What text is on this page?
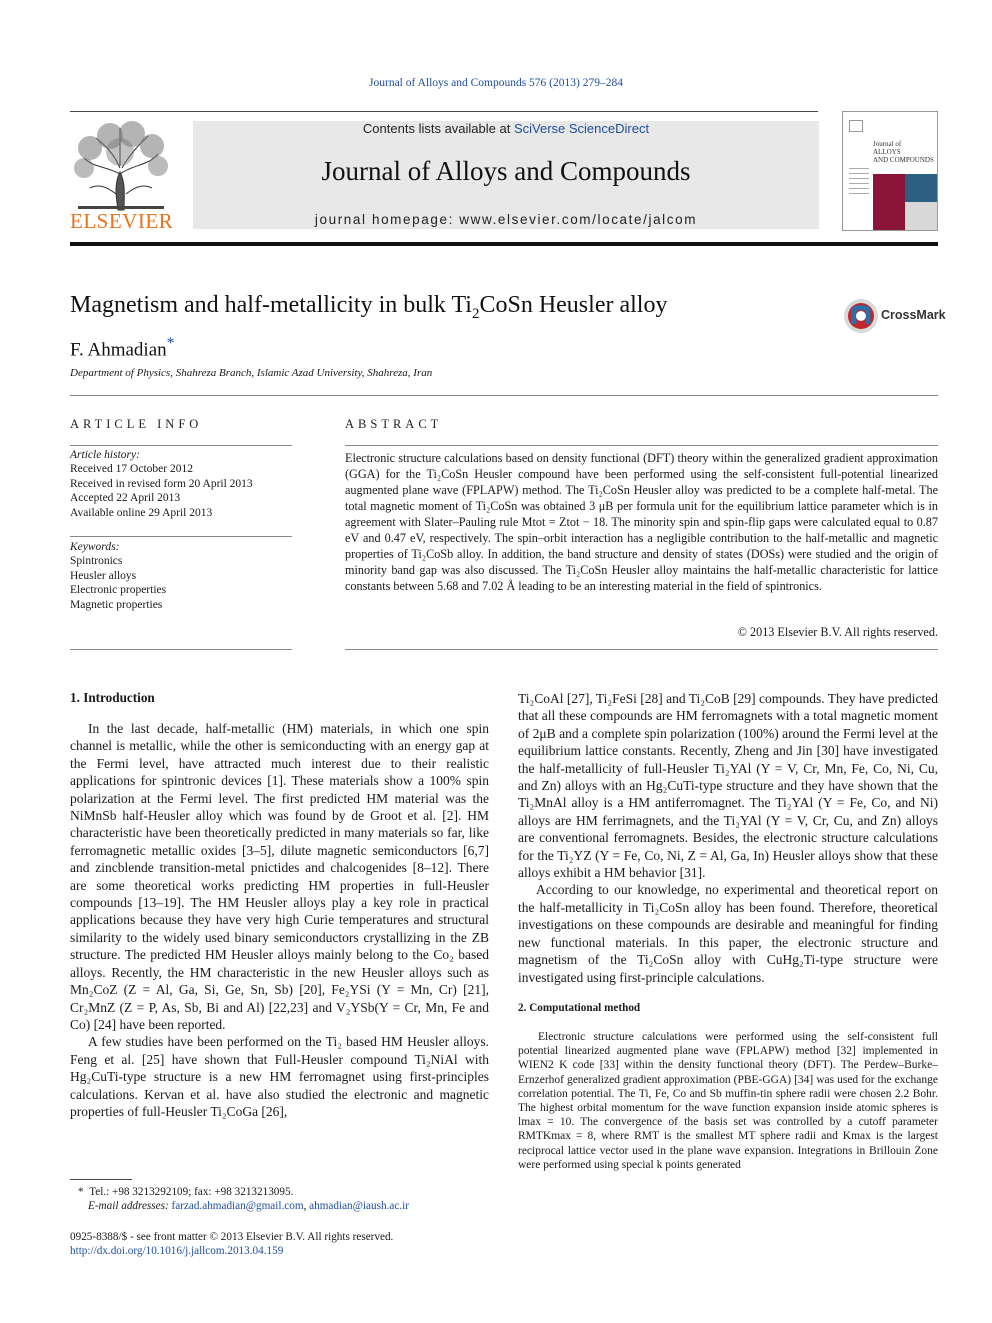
Journal of Alloys and Compounds 576 (2013) 279–284
ELSEVIER
Contents lists available at SciVerse ScienceDirect
Journal of Alloys and Compounds
journal homepage: www.elsevier.com/locate/jalcom
Journal of
ALLOYS
AND COMPOUNDS
Magnetism and half-metallicity in bulk $Ti_2CoSn$ Heusler alloy	CrossMark
F. Ahmadian*
Department of Physics, Shahreza Branch, Islamic Azad University, Shahreza, Iran
ARTICLE INFO
Article history:
Received 17 October 2012
Received in revised form 20 April 2013
Accepted 22 April 2013
Available online 29 April 2013
Keywords:
Spintronics
Heusler alloys
Electronic properties
Magnetic properties
ABSTRACT
Electronic structure calculations based on density functional (DFT) theory within the generalized gradient approximation (GGA) for the Ti₂CoSn Heusler compound have been performed using the self-consistent full-potential linearized augmented plane wave (FPLAPW) method. The Ti₂CoSn Heusler alloy was predicted to be a complete half-metal. The total magnetic moment of Ti₂CoSn was obtained 3 μB per formula unit for the equilibrium lattice parameter which is in agreement with Slater–Pauling rule Mtot = Ztot − 18. The minority spin and spin-flip gaps were calculated equal to 0.87 eV and 0.47 eV, respectively. The spin–orbit interaction has a negligible contribution to the half-metallic and magnetic properties of Ti₂CoSb alloy. In addition, the band structure and density of states (DOSs) were studied and the origin of minority band gap was also discussed. The Ti₂CoSn Heusler alloy maintains the half-metallic characteristic for lattice constants between 5.68 and 7.02 Å leading to be an interesting material in the field of spintronics.
© 2013 Elsevier B.V. All rights reserved.
1. Introduction

In the last decade, half-metallic (HM) materials, in which one spin channel is metallic, while the other is semiconducting with an energy gap at the Fermi level, have attracted much interest due to their realistic applications for spintronic devices [1]. These materials show a 100% spin polarization at the Fermi level. The first predicted HM material was the NiMnSb half-Heusler alloy which was found by de Groot et al. [2]. HM characteristic have been theoretically predicted in many materials so far, like ferromagnetic metallic oxides [3–5], dilute magnetic semiconductors [6,7] and zincblende transition-metal pnictides and chalcogenides [8–12]. There are some theoretical works predicting HM properties in full-Heusler compounds [13–19]. The HM Heusler alloys play a key role in practical applications because they have very high Curie temperatures and structural similarity to the widely used binary semiconductors crystallizing in the ZB structure. The predicted HM Heusler alloys mainly belong to the Co₂ based alloys. Recently, the HM characteristic in the new Heusler alloys such as Mn₂CoZ (Z = Al, Ga, Si, Ge, Sn, Sb) [20], Fe₂YSi (Y = Mn, Cr) [21], Cr₂MnZ (Z = P, As, Sb, Bi and Al) [22,23] and V₂YSb(Y = Cr, Mn, Fe and Co) [24] have been reported.

A few studies have been performed on the Ti₂ based HM Heusler alloys. Feng et al. [25] have shown that Full-Heusler compound Ti₂NiAl with Hg₂CuTi-type structure is a new HM ferromagnet using first-principles calculations. Kervan et al. have also studied the electronic and magnetic properties of full-Heusler Ti₂CoGa [26],

Ti₂CoAl [27], Ti₂FeSi [28] and Ti₂CoB [29] compounds. They have predicted that all these compounds are HM ferromagnets with a total magnetic moment of 2μB and a complete spin polarization (100%) around the Fermi level at the equilibrium lattice constants. Recently, Zheng and Jin [30] have investigated the half-metallicity of full-Heusler Ti₂YAl (Y = V, Cr, Mn, Fe, Co, Ni, Cu, and Zn) alloys with an Hg₂CuTi-type structure and they have shown that the Ti₂MnAl alloy is a HM antiferromagnet. The Ti₂YAl (Y = Fe, Co, and Ni) alloys are HM ferrimagnets, and the Ti₂YAl (Y = V, Cr, Cu, and Zn) alloys are conventional ferromagnets. Besides, the electronic structure calculations for the Ti₂YZ (Y = Fe, Co, Ni, Z = Al, Ga, In) Heusler alloys show that these alloys exhibit a HM behavior [31].

According to our knowledge, no experimental and theoretical report on the half-metallicity in Ti₂CoSn alloy has been found. Therefore, theoretical investigations on these compounds are desirable and meaningful for finding new functional materials. In this paper, the electronic structure and magnetism of the Ti₂CoSn alloy with CuHg₂Ti-type structure were investigated using first-principle calculations.

2. Computational method

Electronic structure calculations were performed using the self-consistent full potential linearized augmented plane wave (FPLAPW) method [32] implemented in WIEN2 K code [33] within the density functional theory (DFT). The Perdew–Burke–Ernzerhof generalized gradient approximation (PBE-GGA) [34] was used for the exchange correlation potential. The Ti, Fe, Co and Sb muffin-tin sphere radii were chosen 2.2 Bohr. The highest orbital momentum for the wave function expansion inside atomic spheres is lmax = 10. The convergence of the basis set was controlled by a cutoff parameter RMTKmax = 8, where RMT is the smallest MT sphere radii and Kmax is the largest reciprocal lattice vector used in the plane wave expansion. Integrations in Brillouin Zone were performed using special k points generated

* Tel.: +98 3213292109; fax: +98 3213213095.
E-mail addresses: farzad.ahmadian@gmail.com, ahmadian@iaush.ac.ir
0925-8388/$ - see front matter © 2013 Elsevier B.V. All rights reserved.
http://dx.doi.org/10.1016/j.jallcom.2013.04.159
